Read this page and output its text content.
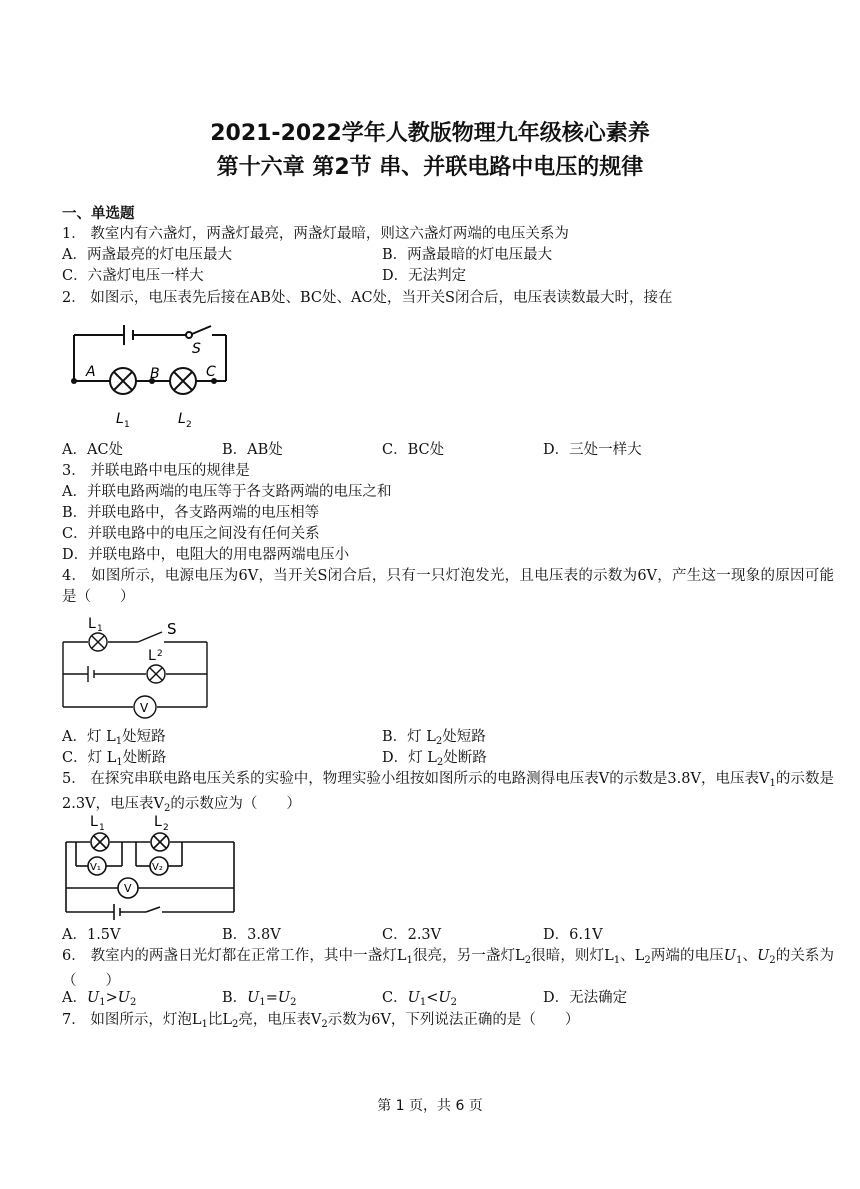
2021-2022学年人教版物理九年级核心素养
第十六章 第2节 串、并联电路中电压的规律
一、单选题
1． 教室内有六盏灯，两盏灯最亮，两盏灯最暗，则这六盏灯两端的电压关系为
A．两盏最亮的灯电压最大	B．两盏最暗的灯电压最大
C．六盏灯电压一样大	D．无法判定
2． 如图示，电压表先后接在AB处、BC处、AC处，当开关S闭合后，电压表读数最大时，接在
A	B	C
S
L 1	L 2
A．AC处	B．AB处	C．BC处	D．三处一样大
3． 并联电路中电压的规律是
A．并联电路两端的电压等于各支路两端的电压之和
B．并联电路中，各支路两端的电压相等
C．并联电路中的电压之间没有任何关系
D．并联电路中，电阻大的用电器两端电压小
4． 如图所示，电源电压为6V，当开关S闭合后，只有一只灯泡发光，且电压表的示数为6V，产生这一现象的原因可能是（　　）
L 1
L 2
S
V
A．灯 $L_1$处短路	B．灯 $L_2$处短路
C．灯 $L_1$处断路	D．灯 $L_2$处断路
5． 在探究串联电路电压关系的实验中，物理实验小组按如图所示的电路测得电压表V的示数是3.8V，电压表$V_1$的示数是2.3V，电压表$V_2$的示数应为（　　）
L 1	L 2
V₁	V₂
V
A．1.5V	B．3.8V	C．2.3V	D．6.1V
6． 教室内的两盏日光灯都在正常工作，其中一盏灯$L_1$很亮，另一盏灯$L_2$很暗，则灯$L_1$、$L_2$两端的电压$U_1$、$U_2$的关系为（　　）
A．$U_1>U_2$	B．$U_1=U_2$	C．$U_1<U_2$	D．无法确定
7． 如图所示，灯泡$L_1$比$L_2$亮，电压表$V_2$示数为6V，下列说法正确的是（　　）
第 1 页，共 6 页
